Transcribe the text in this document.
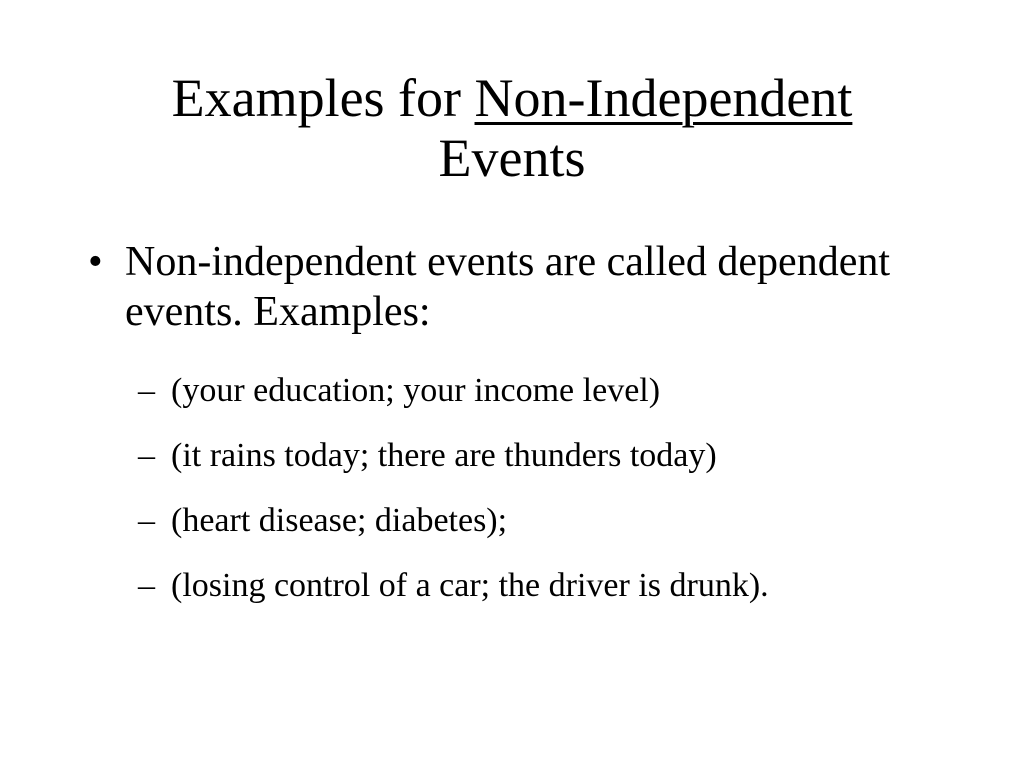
Examples for Non-Independent
Events
• Non-independent events are called dependent events. Examples:
– (your education; your income level)
– (it rains today; there are thunders today)
– (heart disease; diabetes);
– (losing control of a car; the driver is drunk).
